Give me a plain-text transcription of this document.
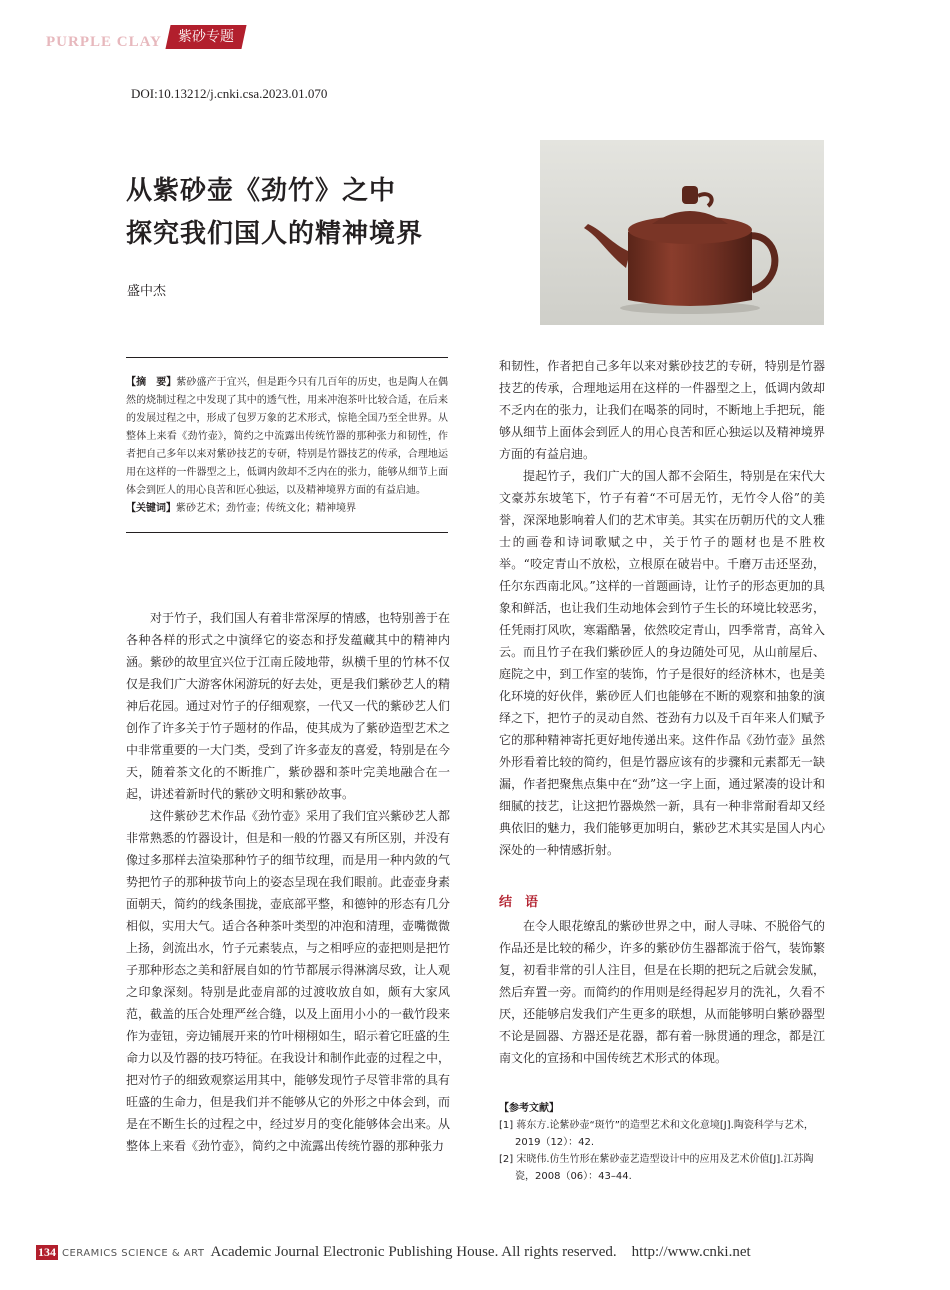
PURPLE CLAY	紫砂专题
DOI:10.13212/j.cnki.csa.2023.01.070
从紫砂壶《劲竹》之中
探究我们国人的精神境界
盛中杰

【摘　要】紫砂盛产于宜兴，但是距今只有几百年的历史，也是陶人在偶然的烧制过程之中发现了其中的透气性，用来冲泡茶叶比较合适，在后来的发展过程之中，形成了包罗万象的艺术形式，惊艳全国乃至全世界。从整体上来看《劲竹壶》，简约之中流露出传统竹器的那种张力和韧性，作者把自己多年以来对紫砂技艺的专研，特别是竹器技艺的传承，合理地运用在这样的一件器型之上，低调内敛却不乏内在的张力，能够从细节上面体会到匠人的用心良苦和匠心独运，以及精神境界方面的有益启迪。

【关键词】紫砂艺术；劲竹壶；传统文化；精神境界

对于竹子，我们国人有着非常深厚的情感，也特别善于在各种各样的形式之中演绎它的姿态和抒发蕴藏其中的精神内涵。紫砂的故里宜兴位于江南丘陵地带，纵横千里的竹林不仅仅是我们广大游客休闲游玩的好去处，更是我们紫砂艺人的精神后花园。通过对竹子的仔细观察，一代又一代的紫砂艺人们创作了许多关于竹子题材的作品，使其成为了紫砂造型艺术之中非常重要的一大门类，受到了许多壶友的喜爱，特别是在今天，随着茶文化的不断推广，紫砂器和茶叶完美地融合在一起，讲述着新时代的紫砂文明和紫砂故事。

这件紫砂艺术作品《劲竹壶》采用了我们宜兴紫砂艺人都非常熟悉的竹器设计，但是和一般的竹器又有所区别，并没有像过多那样去渲染那种竹子的细节纹理，而是用一种内敛的气势把竹子的那种拔节向上的姿态呈现在我们眼前。此壶壶身素面朝天，简约的线条围拢，壶底部平整，和德钟的形态有几分相似，实用大气。适合各种茶叶类型的冲泡和清理，壶嘴微微上扬，剑流出水，竹子元素装点，与之相呼应的壶把则是把竹子那种形态之美和舒展自如的竹节都展示得淋漓尽致，让人观之印象深刻。特别是此壶肩部的过渡收放自如，颇有大家风范，截盖的压合处理严丝合缝，以及上面用小小的一截竹段来作为壶钮，旁边铺展开来的竹叶栩栩如生，昭示着它旺盛的生命力以及竹器的技巧特征。在我设计和制作此壶的过程之中，把对竹子的细致观察运用其中，能够发现竹子尽管非常的具有旺盛的生命力，但是我们并不能够从它的外形之中体会到，而是在不断生长的过程之中，经过岁月的变化能够体会出来。从整体上来看《劲竹壶》，简约之中流露出传统竹器的那种张力

和韧性，作者把自己多年以来对紫砂技艺的专研，特别是竹器技艺的传承，合理地运用在这样的一件器型之上，低调内敛却不乏内在的张力，让我们在喝茶的同时，不断地上手把玩，能够从细节上面体会到匠人的用心良苦和匠心独运以及精神境界方面的有益启迪。

提起竹子，我们广大的国人都不会陌生，特别是在宋代大文豪苏东坡笔下，竹子有着“不可居无竹，无竹令人俗”的美誉，深深地影响着人们的艺术审美。其实在历朝历代的文人雅士的画卷和诗词歌赋之中，关于竹子的题材也是不胜枚举。“咬定青山不放松，立根原在破岩中。千磨万击还坚劲，任尔东西南北风。”这样的一首题画诗，让竹子的形态更加的具象和鲜活，也让我们生动地体会到竹子生长的环境比较恶劣，任凭雨打风吹，寒霜酷暑，依然咬定青山，四季常青，高耸入云。而且竹子在我们紫砂匠人的身边随处可见，从山前屋后、庭院之中，到工作室的装饰，竹子是很好的经济林木，也是美化环境的好伙伴，紫砂匠人们也能够在不断的观察和抽象的演绎之下，把竹子的灵动自然、苍劲有力以及千百年来人们赋予它的那种精神寄托更好地传递出来。这件作品《劲竹壶》虽然外形看着比较的简约，但是竹器应该有的步骤和元素都无一缺漏，作者把聚焦点集中在“劲”这一字上面，通过紧凑的设计和细腻的技艺，让这把竹器焕然一新，具有一种非常耐看却又经典依旧的魅力，我们能够更加明白，紫砂艺术其实是国人内心深处的一种情感折射。

结　语

在令人眼花缭乱的紫砂世界之中，耐人寻味、不脱俗气的作品还是比较的稀少，许多的紫砂仿生器都流于俗气，装饰繁复，初看非常的引人注目，但是在长期的把玩之后就会发腻，然后弃置一旁。而简约的作用则是经得起岁月的洗礼，久看不厌，还能够启发我们产生更多的联想，从而能够明白紫砂器型不论是圆器、方器还是花器，都有着一脉贯通的理念，都是江南文化的宣扬和中国传统艺术形式的体现。

【参考文献】
[1] 蒋东方.论紫砂壶“斑竹”的造型艺术和文化意境[J].陶瓷科学与艺术，2019（12）：42.
[2] 宋晓伟.仿生竹形在紫砂壶艺造型设计中的应用及艺术价值[J].江苏陶瓷，2008（06）：43–44.
134 CERAMICS SCIENCE & ART Academic Journal Electronic Publishing House. All rights reserved. http://www.cnki.net
